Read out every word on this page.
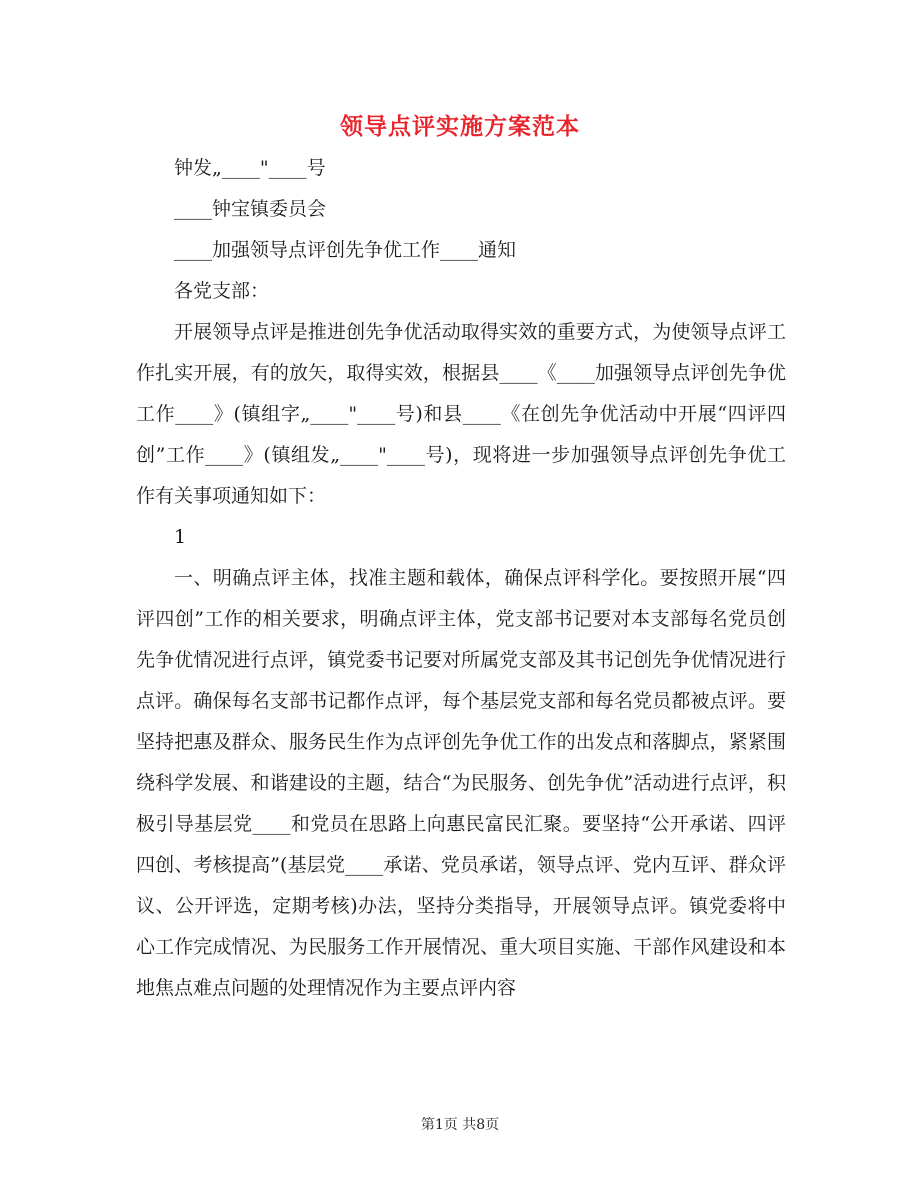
领导点评实施方案范本

钟发„____"____号

____钟宝镇委员会

____加强领导点评创先争优工作____通知

各党支部：

开展领导点评是推进创先争优活动取得实效的重要方式，为使领导点评工作扎实开展，有的放矢，取得实效，根据县____《____加强领导点评创先争优工作____》(镇组字„____"____号)和县____《在创先争优活动中开展“四评四创”工作____》(镇组发„____"____号)，现将进一步加强领导点评创先争优工作有关事项通知如下：

1

一、明确点评主体，找准主题和载体，确保点评科学化。要按照开展“四评四创”工作的相关要求，明确点评主体，党支部书记要对本支部每名党员创先争优情况进行点评，镇党委书记要对所属党支部及其书记创先争优情况进行点评。确保每名支部书记都作点评，每个基层党支部和每名党员都被点评。要坚持把惠及群众、服务民生作为点评创先争优工作的出发点和落脚点，紧紧围绕科学发展、和谐建设的主题，结合“为民服务、创先争优”活动进行点评，积极引导基层党____和党员在思路上向惠民富民汇聚。要坚持“公开承诺、四评四创、考核提高”(基层党____承诺、党员承诺，领导点评、党内互评、群众评议、公开评选，定期考核)办法，坚持分类指导，开展领导点评。镇党委将中心工作完成情况、为民服务工作开展情况、重大项目实施、干部作风建设和本地焦点难点问题的处理情况作为主要点评内容

第1页 共8页
